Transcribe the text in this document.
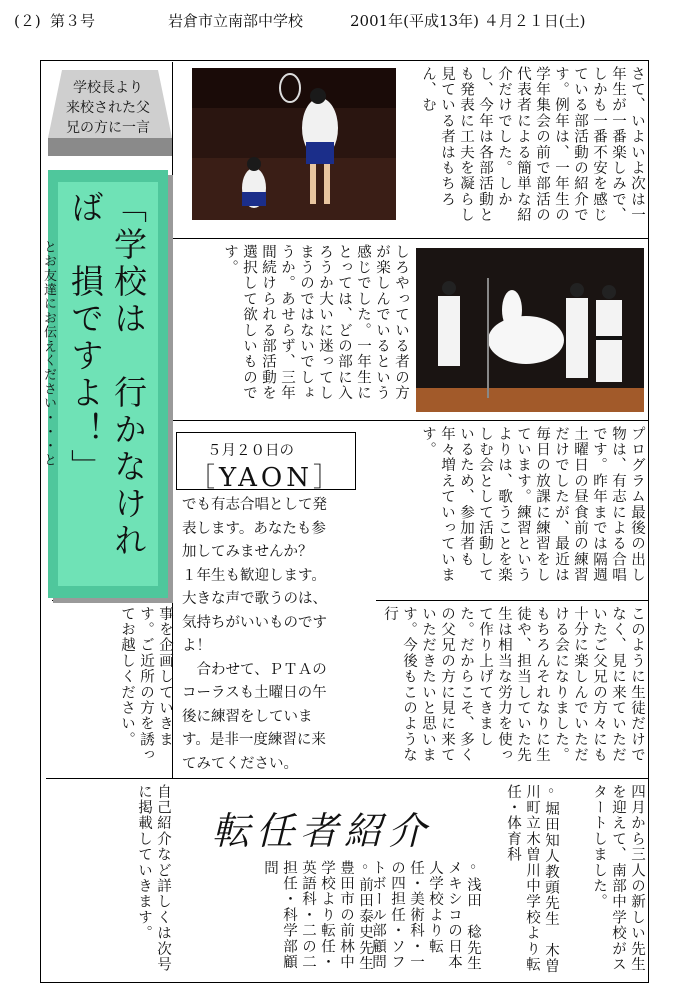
(２) 第３号	岩倉市立南部中学校	2001年(平成13年) ４月２１日(土)
学校長より
来校された父
兄の方に一言
「学校は　行かなければ　損ですよ！」
とお友達にお伝えください・・・と
さて、いよいよ次は一年生が一番楽しみで、しかも一番不安を感じている部活動の紹介です。例年は、一年生の学年集会の前で部活の代表者による簡単な紹介だけでした。しかし、今年は各部活動とも発表に工夫を凝らし見ている者はもちろん、む
しろやっている者の方が楽しんでいるという感じでした。一年生にとっては、どの部に入ろうか大いに迷ってしまうのではないでしょうか。あせらず、三年間続けられる部活動を選択して欲しいものです。
プログラム最後の出し物は、有志による合唱です。昨年までは隔週土曜日の昼食前の練習だけでしたが、最近は毎日の放課に練習をしています。練習というよりは、歌うことを楽しむ会として活動しているため、参加者も年々増えていっています。
このように生徒だけでなく、見に来ていただいたご父兄の方々にも十分に楽しんでいただける会になりました。もちろんそれなりに生徒や、担当していた先生は相当な労力を使って作り上げてきました。だからこそ、多くの父兄の方に見に来ていただきたいと思います。今後もこのような行
事を企画していきます。ご近所の方を誘ってお越しください。
５月２０日の
［YAON］

でも有志合唱として発

表します。あなたも参

加してみませんか？

１年生も歓迎します。

大きな声で歌うのは、

気持ちがいいものです

よ！

　合わせて、ＰＴＡの

コーラスも土曜日の午

後に練習をしていま

す。是非一度練習に来

てみてください。

転任者紹介	四月から三人の新しい先生を迎えて、南部中学校がスタートしました。
◦堀田知人教頭先生　木曽川町立木曽川中学校より転任・体育科
◦浅田　稔先生　メキシコの日本人学校より転任・美術科・一の四担任・ソフトボール部顧問
◦前田泰史先生　豊田市の前林中学校より転任・英語科・二の二担任・科学部顧問
自己紹介など詳しくは次号に掲載していきます。
